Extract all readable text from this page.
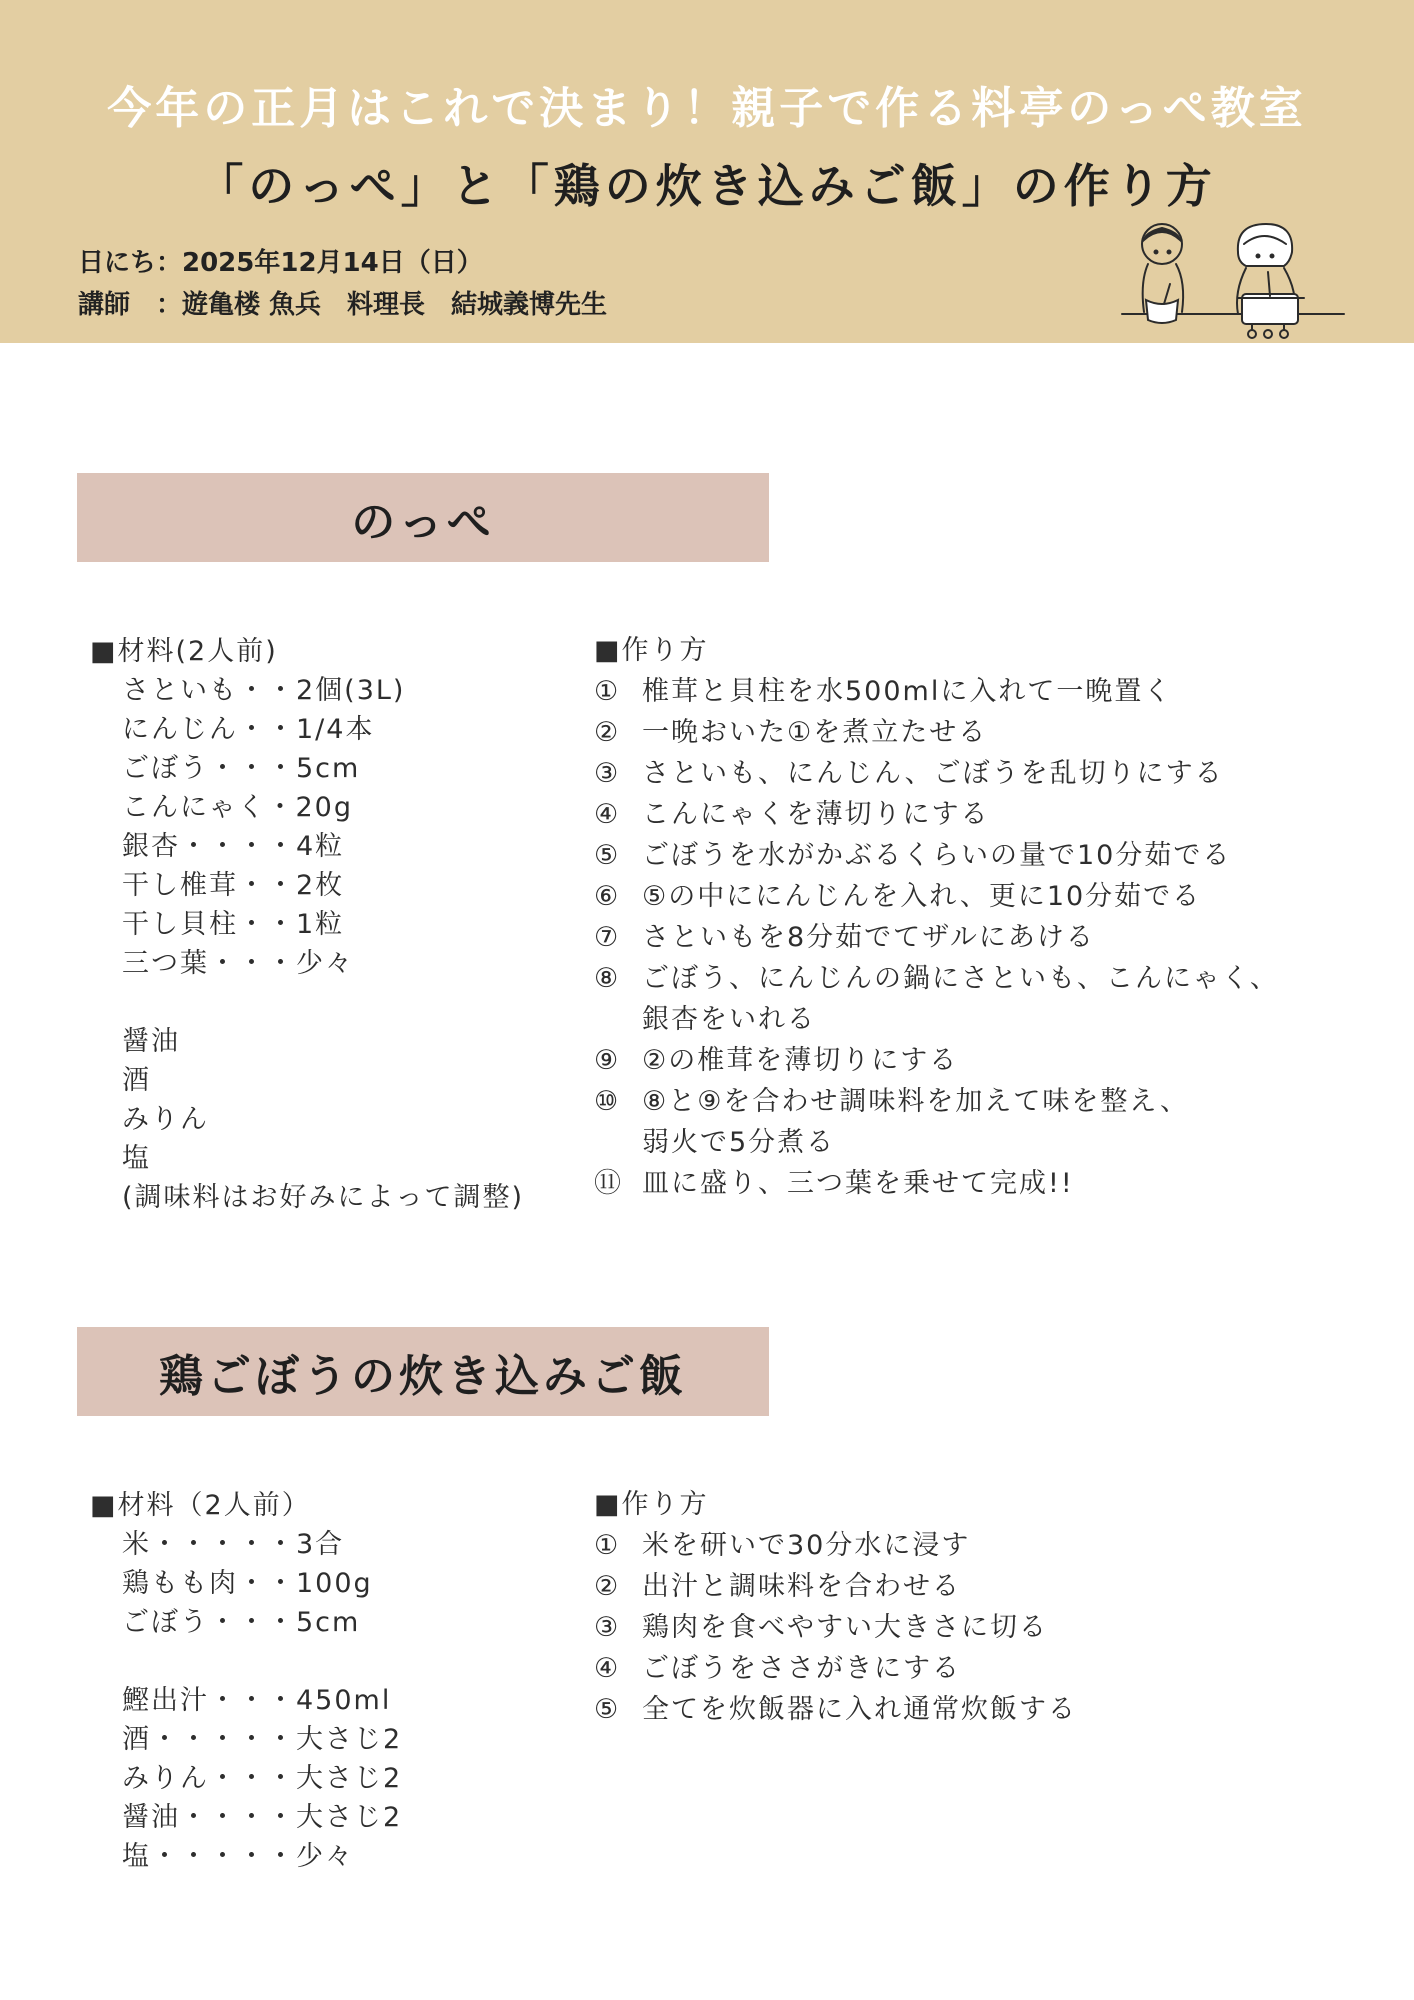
今年の正月はこれで決まり！親子で作る料亭のっぺ教室
「のっぺ」と「鶏の炊き込みご飯」の作り方
日にち：2025年12月14日（日）
講師　：遊亀楼 魚兵　料理長　結城義博先生
のっぺ
■材料(2人前)
さといも・・2個(3L)
にんじん・・1/4本
ごぼう・・・5cm
こんにゃく・20g
銀杏・・・・4粒
干し椎茸・・2枚
干し貝柱・・1粒
三つ葉・・・少々
醤油
酒
みりん
塩
(調味料はお好みによって調整)
■作り方
① 椎茸と貝柱を水500mlに入れて一晩置く
② 一晩おいた①を煮立たせる
③ さといも、にんじん、ごぼうを乱切りにする
④ こんにゃくを薄切りにする
⑤ ごぼうを水がかぶるくらいの量で10分茹でる
⑥ ⑤の中ににんじんを入れ、更に10分茹でる
⑦ さといもを8分茹でてザルにあける
⑧ ごぼう、にんじんの鍋にさといも、こんにゃく、
銀杏をいれる
⑨ ②の椎茸を薄切りにする
⑩ ⑧と⑨を合わせ調味料を加えて味を整え、
弱火で5分煮る
⑪ 皿に盛り、三つ葉を乗せて完成!!
鶏ごぼうの炊き込みご飯
■材料（2人前）
米・・・・・3合
鶏もも肉・・100g
ごぼう・・・5cm
鰹出汁・・・450ml
酒・・・・・大さじ2
みりん・・・大さじ2
醤油・・・・大さじ2
塩・・・・・少々
■作り方
① 米を研いで30分水に浸す
② 出汁と調味料を合わせる
③ 鶏肉を食べやすい大きさに切る
④ ごぼうをささがきにする
⑤ 全てを炊飯器に入れ通常炊飯する
